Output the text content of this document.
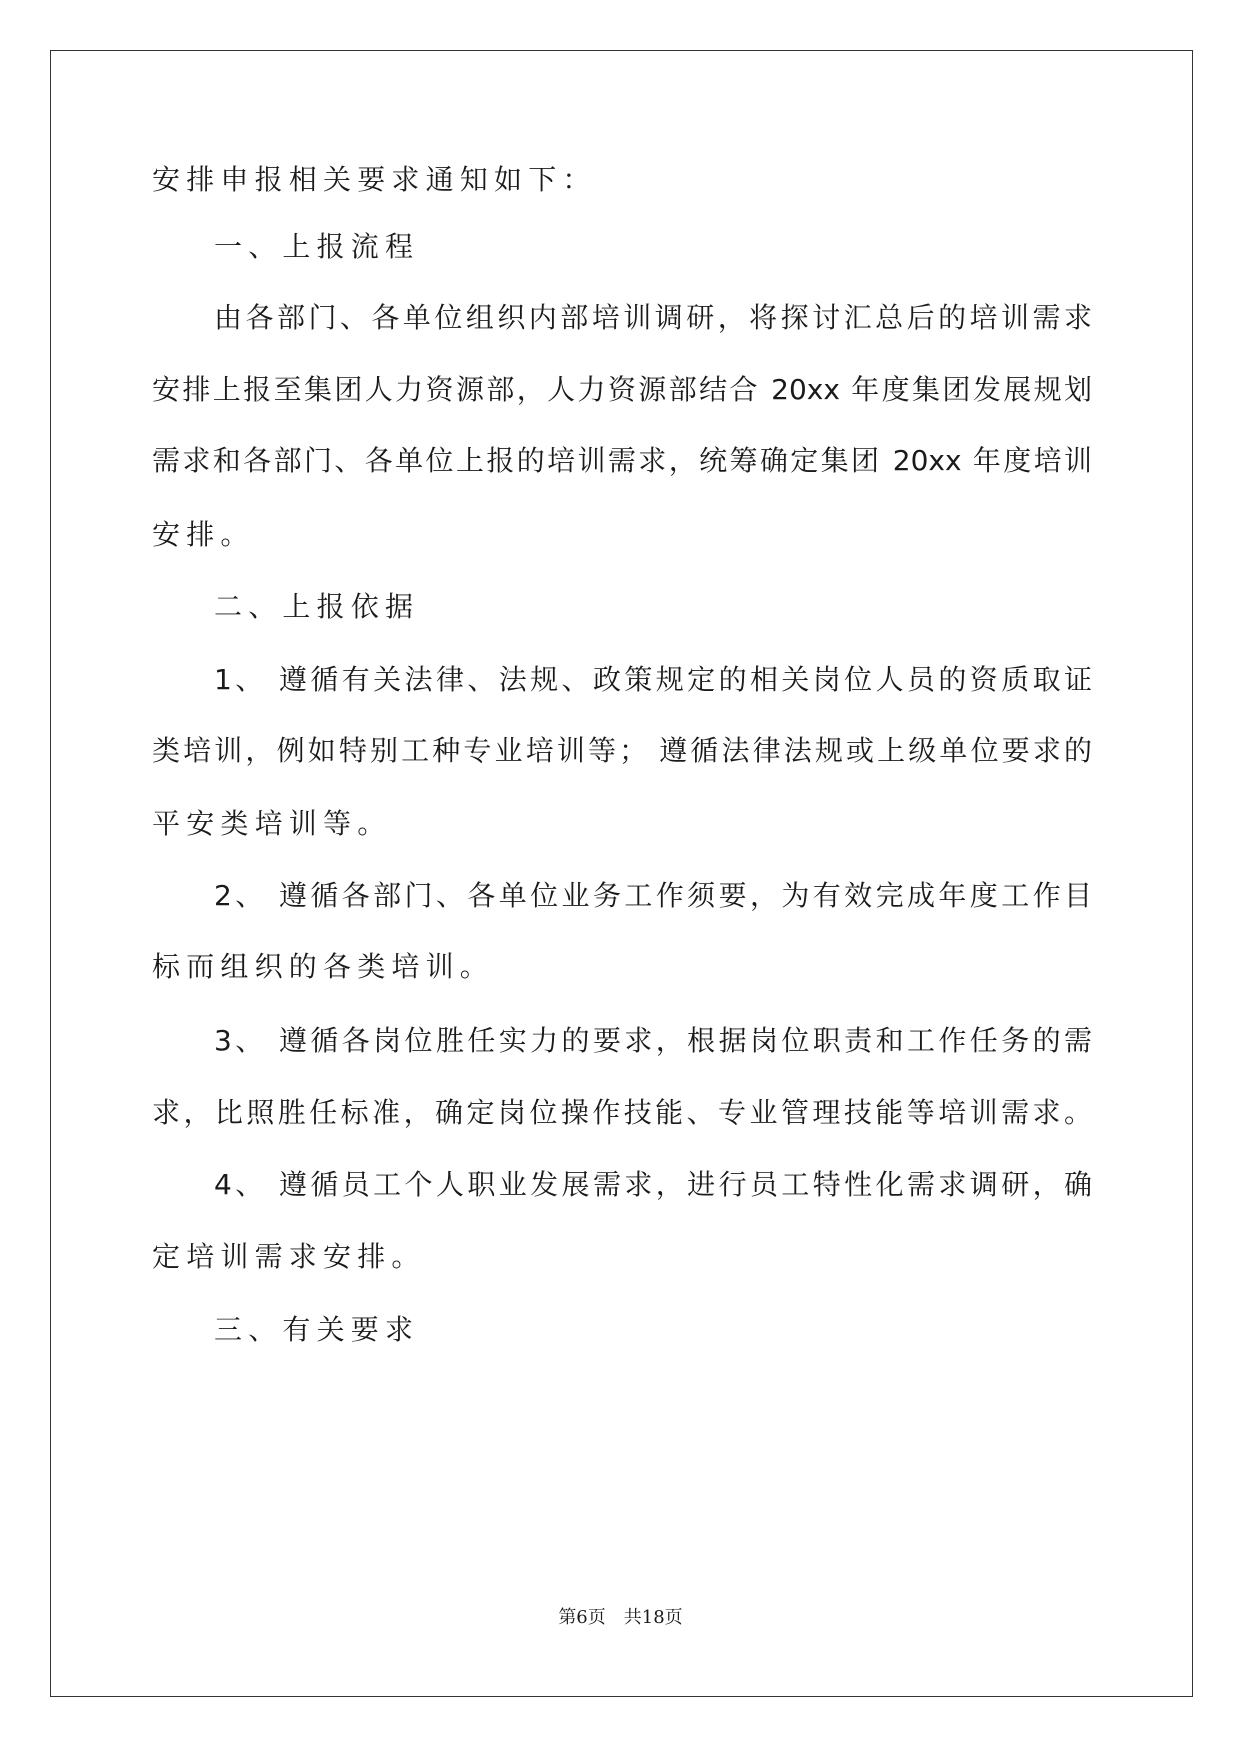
安排申报相关要求通知如下：
一、上报流程
由各部门、各单位组织内部培训调研，将探讨汇总后的培训需求
安排上报至集团人力资源部，人力资源部结合 20xx 年度集团发展规划
需求和各部门、各单位上报的培训需求，统筹确定集团 20xx 年度培训
安排。
二、上报依据
1、 遵循有关法律、法规、政策规定的相关岗位人员的资质取证
类培训，例如特别工种专业培训等； 遵循法律法规或上级单位要求的
平安类培训等。
2、 遵循各部门、各单位业务工作须要，为有效完成年度工作目
标而组织的各类培训。
3、 遵循各岗位胜任实力的要求，根据岗位职责和工作任务的需
求，比照胜任标准，确定岗位操作技能、专业管理技能等培训需求。
4、 遵循员工个人职业发展需求，进行员工特性化需求调研，确
定培训需求安排。
三、有关要求
第6页　共18页
